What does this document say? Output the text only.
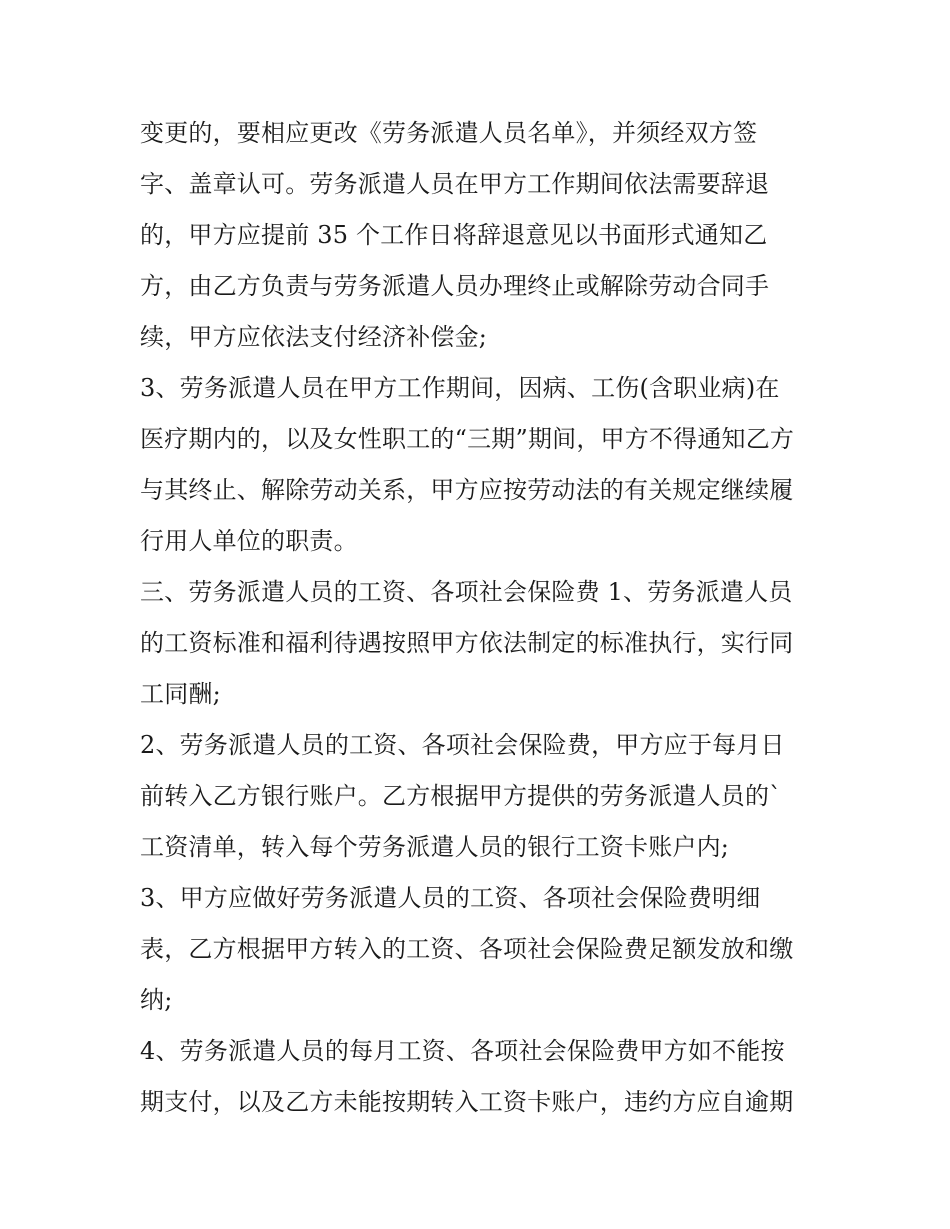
变更的，要相应更改《劳务派遣人员名单》，并须经双方签
字、盖章认可。劳务派遣人员在甲方工作期间依法需要辞退
的，甲方应提前 35 个工作日将辞退意见以书面形式通知乙
方，由乙方负责与劳务派遣人员办理终止或解除劳动合同手
续，甲方应依法支付经济补偿金;
3、劳务派遣人员在甲方工作期间，因病、工伤(含职业病)在
医疗期内的，以及女性职工的“三期”期间，甲方不得通知乙方
与其终止、解除劳动关系，甲方应按劳动法的有关规定继续履
行用人单位的职责。
三、劳务派遣人员的工资、各项社会保险费 1、劳务派遣人员
的工资标准和福利待遇按照甲方依法制定的标准执行，实行同
工同酬;
2、劳务派遣人员的工资、各项社会保险费，甲方应于每月日
前转入乙方银行账户。乙方根据甲方提供的劳务派遣人员的`
工资清单，转入每个劳务派遣人员的银行工资卡账户内;
3、甲方应做好劳务派遣人员的工资、各项社会保险费明细
表，乙方根据甲方转入的工资、各项社会保险费足额发放和缴
纳;
4、劳务派遣人员的每月工资、各项社会保险费甲方如不能按
期支付，以及乙方未能按期转入工资卡账户，违约方应自逾期
